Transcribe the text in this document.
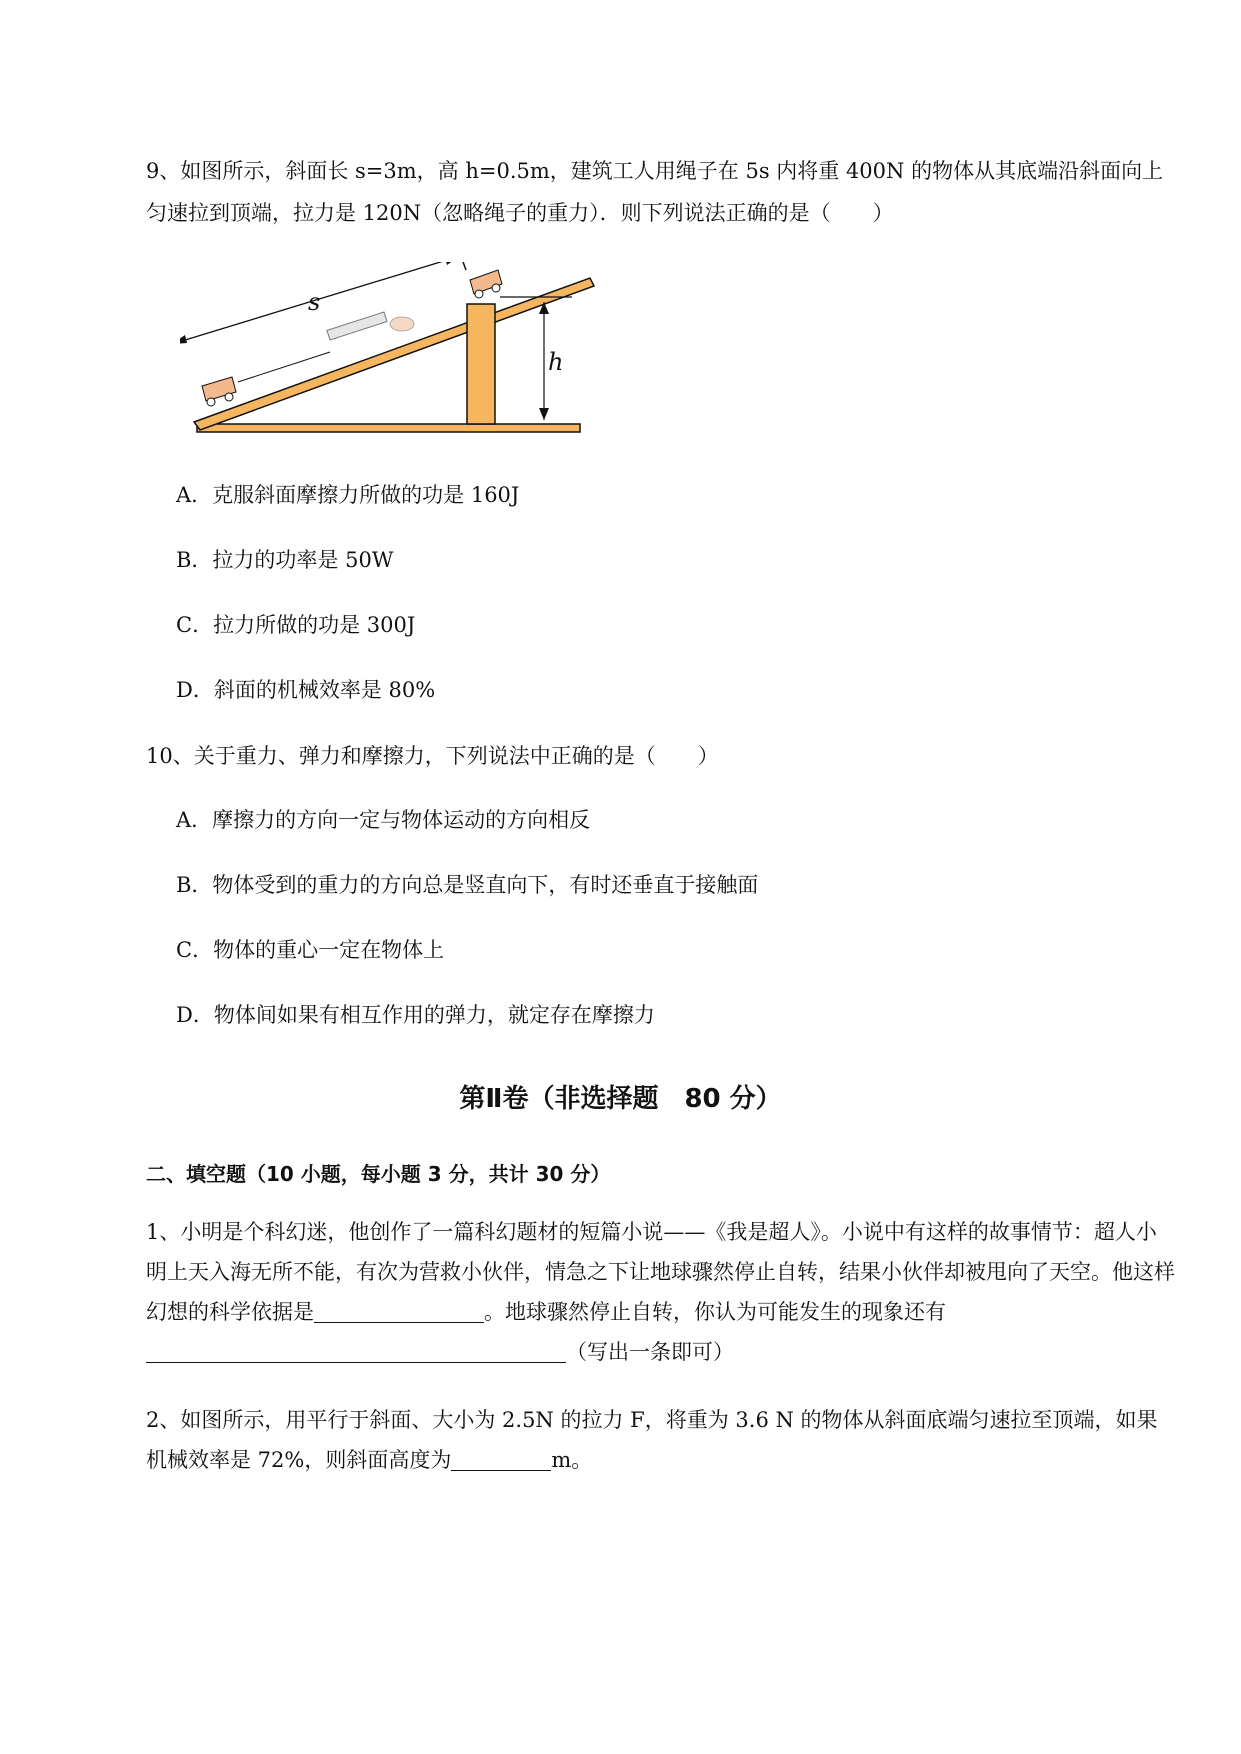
9、如图所示，斜面长 s=3m，高 h=0.5m，建筑工人用绳子在 5s 内将重 400N 的物体从其底端沿斜面向上匀速拉到顶端，拉力是 120N（忽略绳子的重力）．则下列说法正确的是（　　）

h
s
A．克服斜面摩擦力所做的功是 160J
B．拉力的功率是 50W
C．拉力所做的功是 300J
D．斜面的机械效率是 80%

10、关于重力、弹力和摩擦力，下列说法中正确的是（　　）

A．摩擦力的方向一定与物体运动的方向相反
B．物体受到的重力的方向总是竖直向下，有时还垂直于接触面
C．物体的重心一定在物体上
D．物体间如果有相互作用的弹力，就定存在摩擦力
第Ⅱ卷（非选择题　80 分）
二、填空题（10 小题，每小题 3 分，共计 30 分）

1、小明是个科幻迷，他创作了一篇科幻题材的短篇小说——《我是超人》。小说中有这样的故事情节：超人小明上天入海无所不能，有次为营救小伙伴，情急之下让地球骤然停止自转，结果小伙伴却被甩向了天空。他这样幻想的科学依据是	。地球骤然停止自转，你认为可能发生的现象还有（写出一条即可）

2、如图所示，用平行于斜面、大小为 2.5N 的拉力 F，将重为 3.6 N 的物体从斜面底端匀速拉至顶端，如果机械效率是 72%，则斜面高度为	m。
